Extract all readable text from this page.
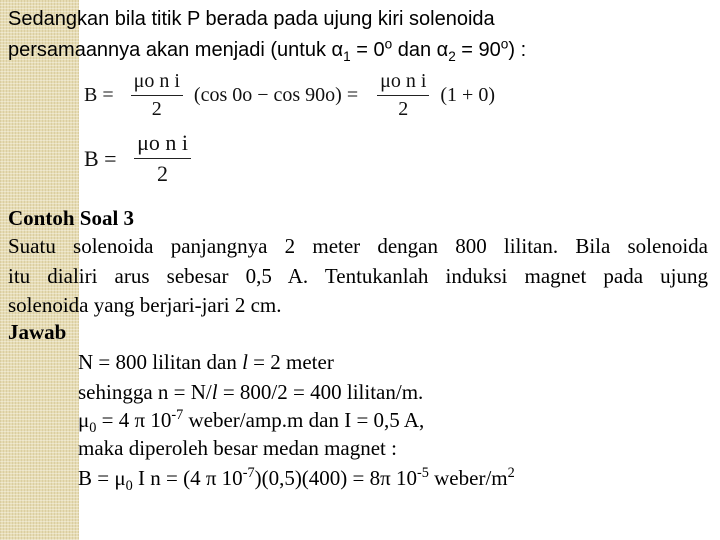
Sedangkan bila titik P berada pada ujung kiri solenoida
persamaannya akan menjadi (untuk $\alpha_1 = 0^o$ dan $\alpha_2 = 90^o$) :
$B = \frac{\text{μo n i}}{2} (\cos$ $0o - \cos 90o) = \frac{\text{μo n i}}{2} (1 + 0)$
$B = \frac{\text{μo n i}}{2}$
Contoh Soal 3
Suatu solenoida panjangnya 2 meter dengan 800 lilitan. Bila solenoida
itu dialiri arus sebesar 0,5 A. Tentukanlah induksi magnet pada ujung
solenoida yang berjari-jari 2 cm.
Jawab
N = 800 lilitan dan l = 2 meter
sehingga n = N/l = 800/2 = 400 lilitan/m.
$\mu_0 = 4$ π $10^{-7}$ weber/amp.m dan I = 0,5 A,
maka diperoleh besar medan magnet :
$B = \mu_0$ I n = (4 π $10^{-7})(0,5)(400) = 8\pi$ $10^{-5}$ weber/$m^2$
